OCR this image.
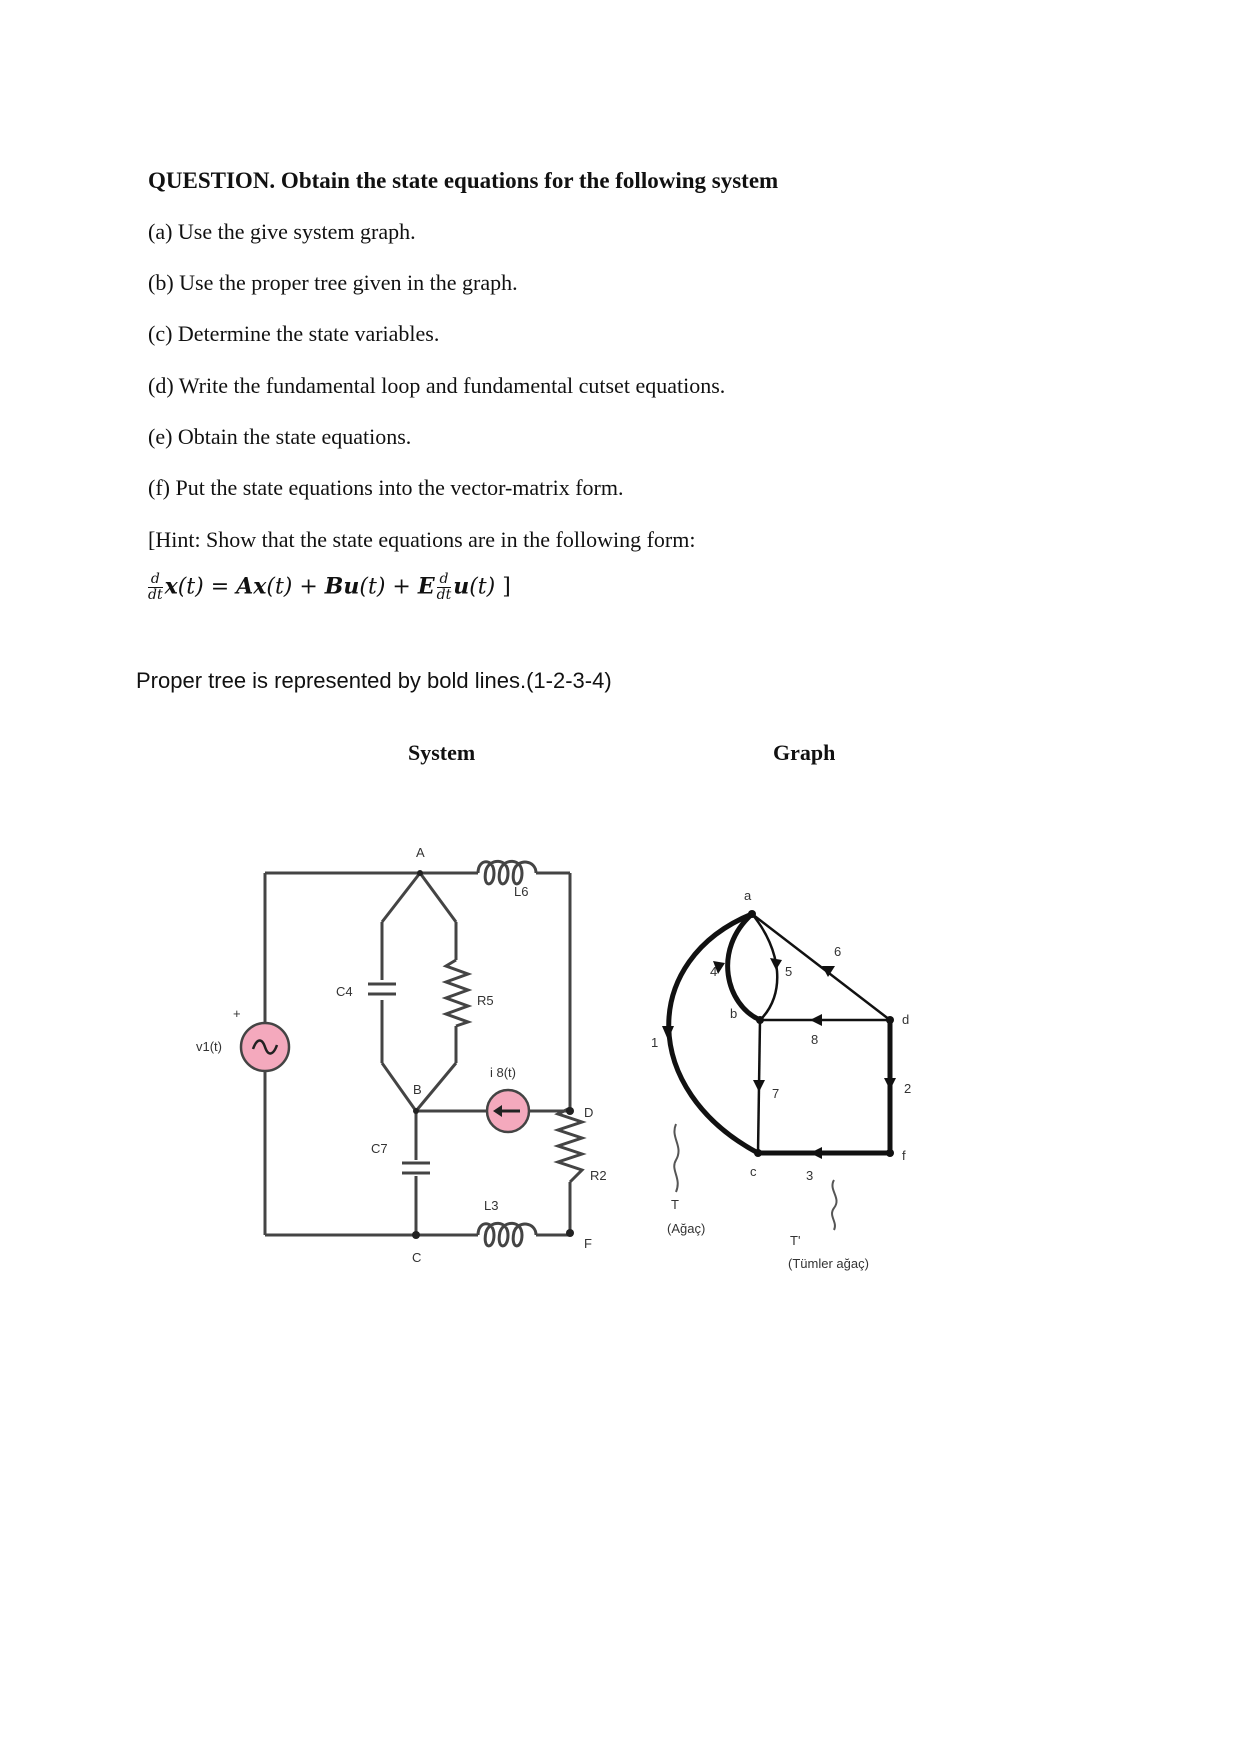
QUESTION. Obtain the state equations for the following system
(a) Use the give system graph.
(b) Use the proper tree given in the graph.
(c) Determine the state variables.
(d) Write the fundamental loop and fundamental cutset equations.
(e) Obtain the state equations.
(f) Put the state equations into the vector-matrix form.
[Hint: Show that the state equations are in the following form:
$\frac{d}{dt} x(t) = Ax(t) + Bu(t) + E \frac{d}{dt} u(t)$ ]
Proper tree is represented by bold lines.(1-2-3-4)
System	Graph
A
B
C
D
F
L6
C4
R5
i 8(t)
C7
L3
R2
v1(t)
+
a
b
c
d
f
1
2
3
4	5
6
7
8
T
(Ağaç)
T'
(Tümler ağaç)
